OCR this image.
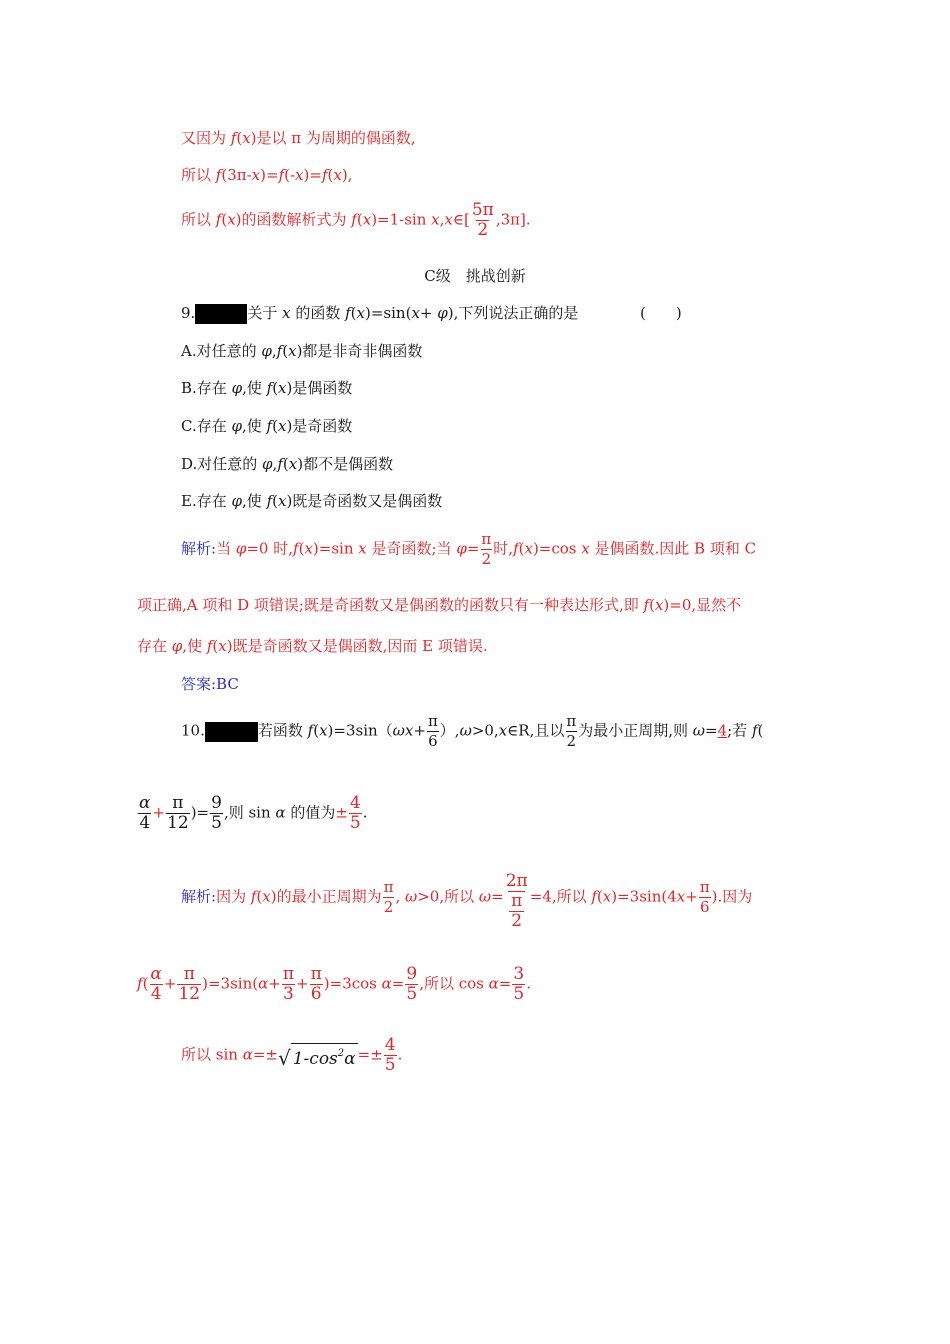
又因为 f(x)是以 π 为周期的偶函数,
所以 f(3π-x)=f(-x)=f(x),
所以 f(x)的函数解析式为 f(x)=1-sin x,x∈[ $\frac{5\pi}{2} ,3\pi$].
C级　挑战创新
9.	关于 x 的函数 f(x)=sin(x+ φ),下列说法正确的是	(　　)
A.对任意的 φ,f(x)都是非奇非偶函数
B.存在 φ,使 f(x)是偶函数
C.存在 φ,使 f(x)是奇函数
D.对任意的 φ,f(x)都不是偶函数
E.存在 φ,使 f(x)既是奇函数又是偶函数
解析:当 φ=0 时,f(x)=sin x 是奇函数;当 $\varphi= \frac{\pi}{2}$ 时,f(x)=cos x 是偶函数.因此 B 项和 C
项正确,A 项和 D 项错误;既是奇函数又是偶函数的函数只有一种表达形式,即 f(x)=0,显然不
存在 φ,使 f(x)既是奇函数又是偶函数,因而 E 项错误.
答案:BC
10.	若函数 $f(x)=3\sin(\omega x+ \frac{\pi}{6}$ ）,ω>0,x∈R,且以 $\frac{\pi}{2}$ 为最小正周期,则 ω=4;若 f(
$\frac{\alpha}{4} + \frac{\pi}{12}$ )= $\frac{9}{5}$ ,则 sin α 的值为± $\frac{4}{5}$ .
解析:因为 f(x)的最小正周期为 $\frac{\pi}{2}$ , ω>0,所以 ω= 2π
π
2 =4,所以 $f(x)=3\sin(4x+ \frac{\pi}{6}$ ).因为
$f( \frac{\alpha}{4} + \frac{\pi}{12} )=3\sin(\alpha+ \frac{\pi}{3} + \frac{\pi}{6} )=3\cos$ $\alpha= \frac{9}{5}$ ,所以 $\cos \alpha= \frac{3}{5}$ .
所以 sin α=± √ $1-\cos^2\alpha =\pm \frac{4}{5}$ .
